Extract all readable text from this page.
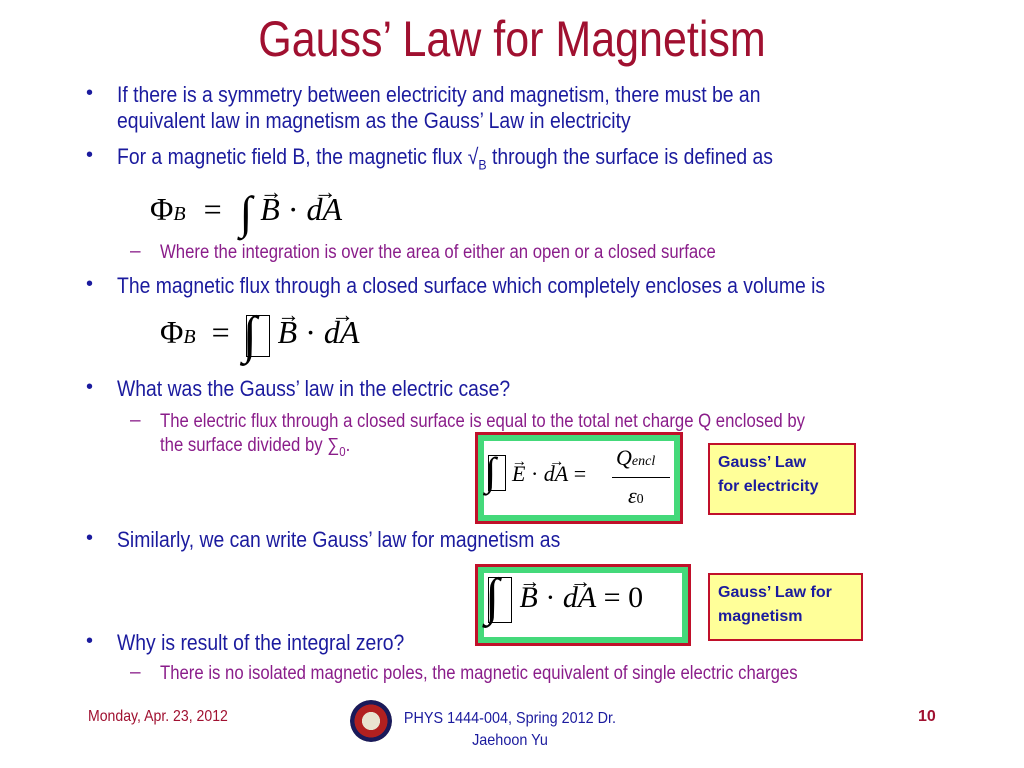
Gauss’ Law for Magnetism
• If there is a symmetry between electricity and magnetism, there must be an
equivalent law in magnetism as the Gauss’ Law in electricity
• For a magnetic field B, the magnetic flux $√_B$ through the surface is defined as
ΦB = ∫ → B · → dA
– Where the integration is over the area of either an open or a closed surface
• The magnetic flux through a closed surface which completely encloses a volume is
ΦB = ∫ → B · → dA
• What was the Gauss’ law in the electric case?
– The electric flux through a closed surface is equal to the total net charge Q enclosed by
the surface divided by $\sum_0$.
∫ → E · → dA =
Qencl
ε0
Gauss’ Law
for electricity
• Similarly, we can write Gauss’ law for magnetism as
∫ → B · → dA = 0	Gauss’ Law for
magnetism
• Why is result of the integral zero?
– There is no isolated magnetic poles, the magnetic equivalent of single electric charges
Monday, Apr. 23, 2012	PHYS 1444-004, Spring 2012 Dr.
Jaehoon Yu
10
